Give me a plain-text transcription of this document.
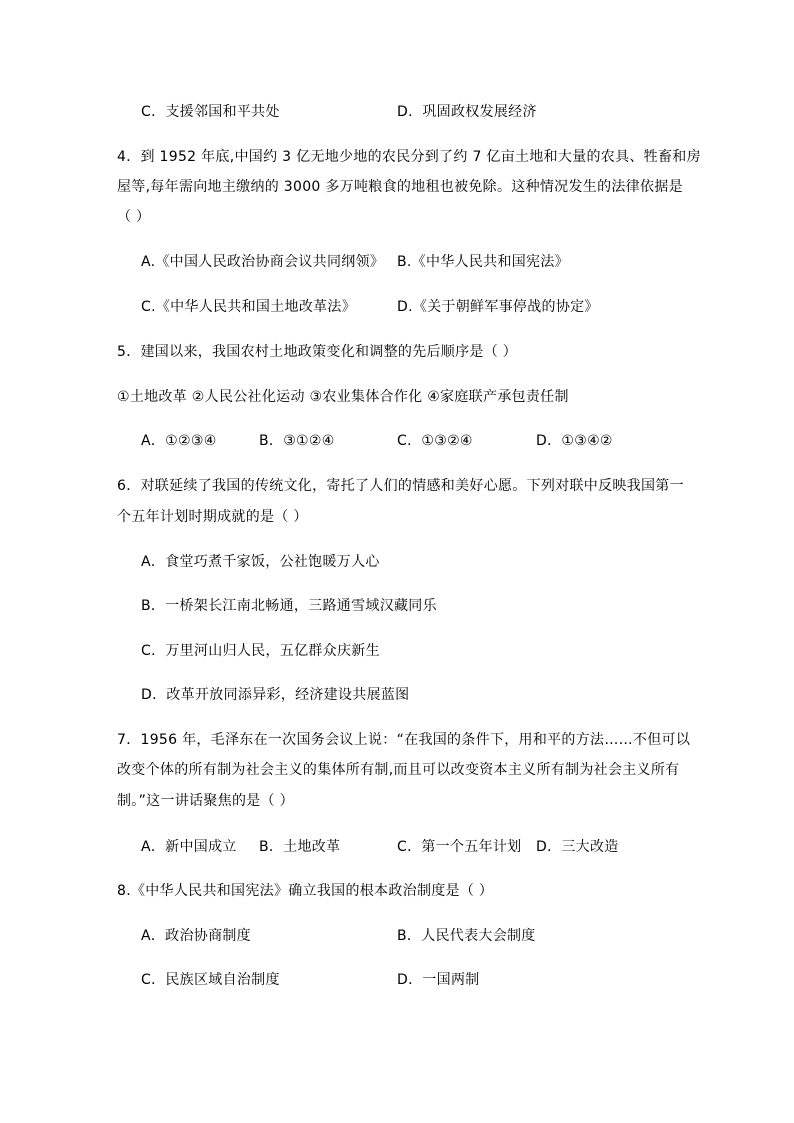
C．支援邻国和平共处	D．巩固政权发展经济
4．到 1952 年底,中国约 3 亿无地少地的农民分到了约 7 亿亩土地和大量的农具、牲畜和房
屋等,每年需向地主缴纳的 3000 多万吨粮食的地租也被免除。这种情况发生的法律依据是
（ ）
A.《中国人民政治协商会议共同纲领》 B.《中华人民共和国宪法》
C.《中华人民共和国土地改革法》	D.《关于朝鲜军事停战的协定》
5．建国以来，我国农村土地政策变化和调整的先后顺序是（ ）
①土地改革 ②人民公社化运动 ③农业集体合作化 ④家庭联产承包责任制
A．①②③④	B．③①②④	C．①③②④	D．①③④②
6．对联延续了我国的传统文化，寄托了人们的情感和美好心愿。下列对联中反映我国第一
个五年计划时期成就的是（ ）
A．食堂巧煮千家饭，公社饱暖万人心
B．一桥架长江南北畅通，三路通雪域汉藏同乐
C．万里河山归人民，五亿群众庆新生
D．改革开放同添异彩，经济建设共展蓝图
7．1956 年，毛泽东在一次国务会议上说：“在我国的条件下，用和平的方法……不但可以
改变个体的所有制为社会主义的集体所有制,而且可以改变资本主义所有制为社会主义所有
制。”这一讲话聚焦的是（ ）
A．新中国成立 B．土地改革	C．第一个五年计划 D．三大改造
8.《中华人民共和国宪法》确立我国的根本政治制度是（ ）
A．政治协商制度	B．人民代表大会制度
C．民族区域自治制度	D．一国两制
